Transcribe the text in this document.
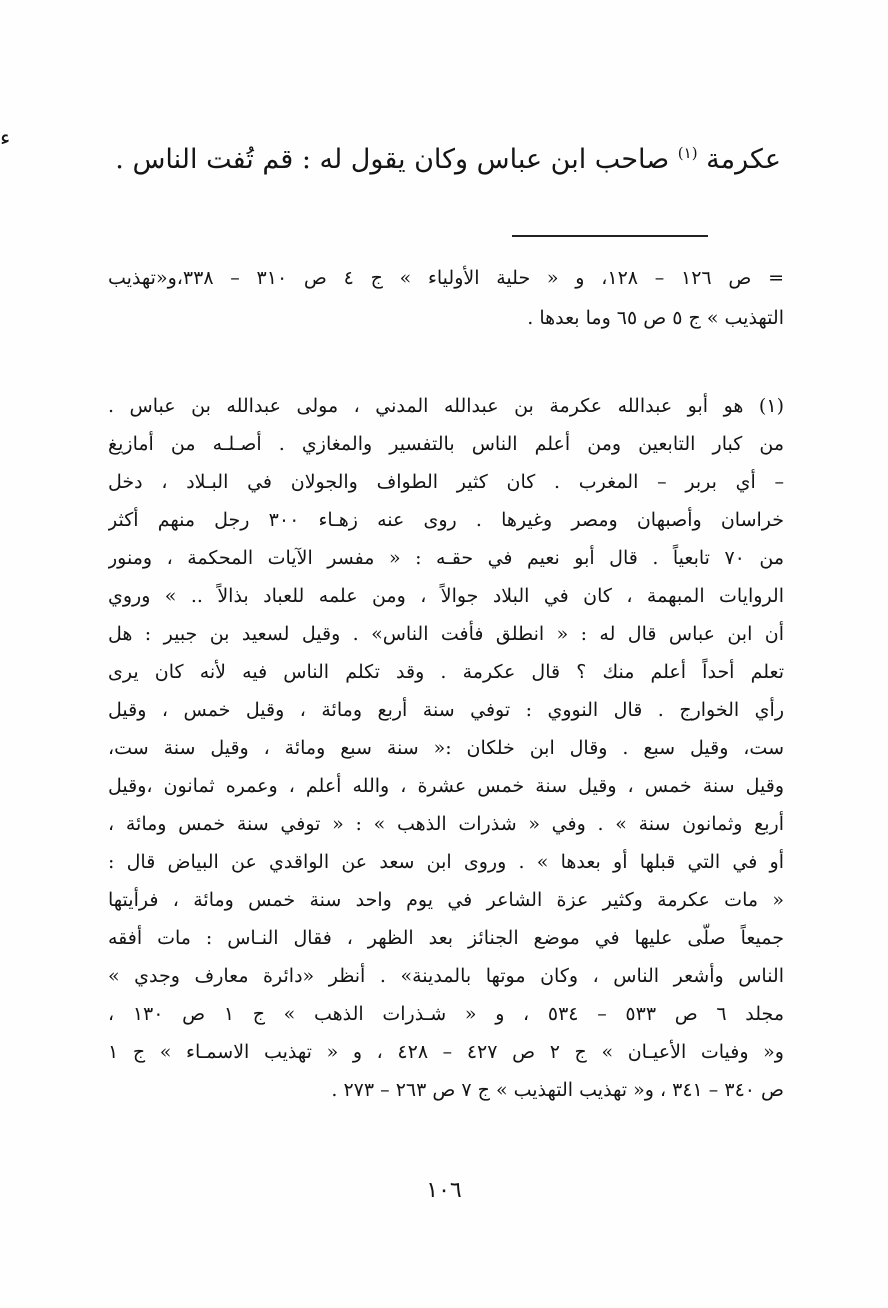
ء
عكرمة $^{(١)}$ صاحب ابن عباس وكان يقول له : قم تُفت الناس .
= ص ١٢٦ – ١٢٨، و « حلية الأولياء » ج ٤ ص ٣١٠ – ٣٣٨،و«تهذيب
التهذيب » ج ٥ ص ٦٥ وما بعدها .
(١) هو أبو عبدالله عكرمة بن عبدالله المدني ، مولى عبدالله بن عباس .
من كبار التابعين ومن أعلم الناس بالتفسير والمغازي . أصـلـه من أمازيغ
– أي بربر – المغرب . كان كثير الطواف والجولان في البـلاد ، دخل
خراسان وأصبهان ومصر وغيرها . روى عنه زهـاء ٣٠٠ رجل منهم أكثر
من ٧٠ تابعياً . قال أبو نعيم في حقـه : « مفسر الآيات المحكمة ، ومنور
الروايات المبهمة ، كان في البلاد جوالاً ، ومن علمه للعباد بذالاً .. » وروي
أن ابن عباس قال له : « انطلق فأفت الناس» . وقيل لسعيد بن جبير : هل
تعلم أحداً أعلم منك ؟ قال عكرمة . وقد تكلم الناس فيه لأنه كان يرى
رأي الخوارج . قال النووي : توفي سنة أربع ومائة ، وقيل خمس ، وقيل
ست، وقيل سبع . وقال ابن خلكان :« سنة سبع ومائة ، وقيل سنة ست،
وقيل سنة خمس ، وقيل سنة خمس عشرة ، والله أعلم ، وعمره ثمانون ،وقيل
أربع وثمانون سنة » . وفي « شذرات الذهب » : « توفي سنة خمس ومائة ،
أو في التي قبلها أو بعدها » . وروى ابن سعد عن الواقدي عن البياض قال :
« مات عكرمة وكثير عزة الشاعر في يوم واحد سنة خمس ومائة ، فرأيتها
جميعاً صلّى عليها في موضع الجنائز بعد الظهر ، فقال النـاس : مات أفقه
الناس وأشعر الناس ، وكان موتها بالمدينة» . أنظر «دائرة معارف وجدي »
مجلد ٦ ص ٥٣٣ – ٥٣٤ ، و « شـذرات الذهب » ج ١ ص ١٣٠ ،
و« وفيات الأعيـان » ج ٢ ص ٤٢٧ – ٤٢٨ ، و « تهذيب الاسمـاء » ج ١
ص ٣٤٠ – ٣٤١ ، و« تهذيب التهذيب » ج ٧ ص ٢٦٣ – ٢٧٣ .
١٠٦
